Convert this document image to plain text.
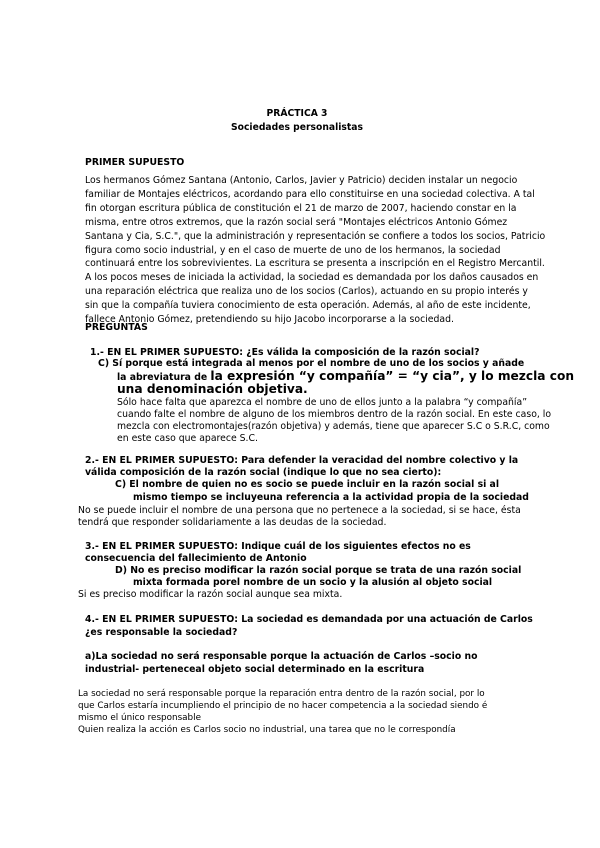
PRÁCTICA 3
Sociedades personalistas
PRIMER SUPUESTO
Los hermanos Gómez Santana (Antonio, Carlos, Javier y Patricio) deciden instalar un negocio
familiar de Montajes eléctricos, acordando para ello constituirse en una sociedad colectiva. A tal
fin otorgan escritura pública de constitución el 21 de marzo de 2007, haciendo constar en la
misma, entre otros extremos, que la razón social será "Montajes eléctricos Antonio Gómez
Santana y Cia, S.C.", que la administración y representación se confiere a todos los socios, Patricio
figura como socio industrial, y en el caso de muerte de uno de los hermanos, la sociedad
continuará entre los sobrevivientes. La escritura se presenta a inscripción en el Registro Mercantil.
A los pocos meses de iniciada la actividad, la sociedad es demandada por los daños causados en
una reparación eléctrica que realiza uno de los socios (Carlos), actuando en su propio interés y
sin que la compañía tuviera conocimiento de esta operación. Además, al año de este incidente,
fallece Antonio Gómez, pretendiendo su hijo Jacobo incorporarse a la sociedad.
PREGUNTAS
1.- EN EL PRIMER SUPUESTO: ¿Es válida la composición de la razón social?
C) Sí porque está integrada al menos por el nombre de uno de los socios y añade
la abreviatura de la expresión “y compañía” = “y cia”, y lo mezcla con
una denominación objetiva.
Sólo hace falta que aparezca el nombre de uno de ellos junto a la palabra “y compañía”
cuando falte el nombre de alguno de los miembros dentro de la razón social. En este caso, lo
mezcla con electromontajes(razón objetiva) y además, tiene que aparecer S.C o S.R.C, como
en este caso que aparece S.C.
2.- EN EL PRIMER SUPUESTO: Para defender la veracidad del nombre colectivo y la
válida composición de la razón social (indique lo que no sea cierto):
C) El nombre de quien no es socio se puede incluir en la razón social si al
mismo tiempo se incluyeuna referencia a la actividad propia de la sociedad
No se puede incluir el nombre de una persona que no pertenece a la sociedad, si se hace, ésta
tendrá que responder solidariamente a las deudas de la sociedad.
3.- EN EL PRIMER SUPUESTO: Indique cuál de los siguientes efectos no es
consecuencia del fallecimiento de Antonio
D) No es preciso modificar la razón social porque se trata de una razón social
mixta formada porel nombre de un socio y la alusión al objeto social
Si es preciso modificar la razón social aunque sea mixta.
4.- EN EL PRIMER SUPUESTO: La sociedad es demandada por una actuación de Carlos
¿es responsable la sociedad?
a)La sociedad no será responsable porque la actuación de Carlos –socio no
industrial- perteneceal objeto social determinado en la escritura
La sociedad no será responsable porque la reparación entra dentro de la razón social, por lo
que Carlos estaría incumpliendo el principio de no hacer competencia a la sociedad siendo é
mismo el único responsable
Quien realiza la acción es Carlos socio no industrial, una tarea que no le correspondía
